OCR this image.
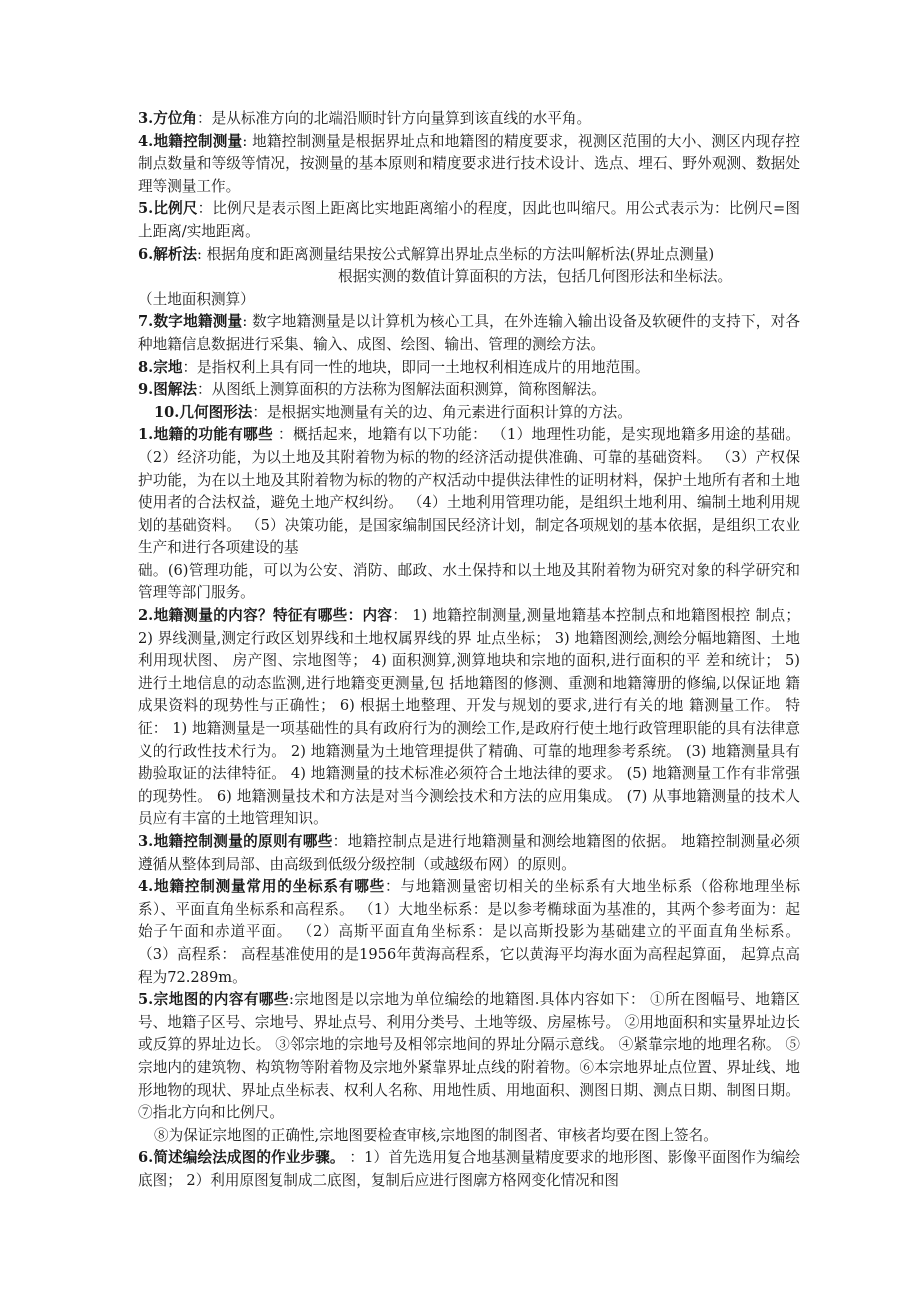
3.方位角：是从标准方向的北端沿顺时针方向量算到该直线的水平角。

4.地籍控制测量: 地籍控制测量是根据界址点和地籍图的精度要求，视测区范围的大小、测区内现存控制点数量和等级等情况，按测量的基本原则和精度要求进行技术设计、选点、埋石、野外观测、数据处理等测量工作。

5.比例尺：比例尺是表示图上距离比实地距离缩小的程度，因此也叫缩尺。用公式表示为：比例尺=图上距离/实地距离。

6.解析法: 根据角度和距离测量结果按公式解算出界址点坐标的方法叫解析法(界址点测量)

根据实测的数值计算面积的方法，包括几何图形法和坐标法。

（土地面积测算）

7.数字地籍测量: 数字地籍测量是以计算机为核心工具，在外连输入输出设备及软硬件的支持下，对各种地籍信息数据进行采集、输入、成图、绘图、输出、管理的测绘方法。

8.宗地：是指权利上具有同一性的地块，即同一土地权利相连成片的用地范围。

9.图解法：从图纸上测算面积的方法称为图解法面积测算，简称图解法。

10.几何图形法：是根据实地测量有关的边、角元素进行面积计算的方法。

1.地籍的功能有哪些 ：概括起来，地籍有以下功能： （1）地理性功能，是实现地籍多用途的基础。 （2）经济功能，为以土地及其附着物为标的物的经济活动提供准确、可靠的基础资料。 （3）产权保护功能，为在以土地及其附着物为标的物的产权活动中提供法律性的证明材料，保护土地所有者和土地使用者的合法权益，避免土地产权纠纷。 （4）土地利用管理功能，是组织土地利用、编制土地利用规划的基础资料。 （5）决策功能，是国家编制国民经济计划，制定各项规划的基本依据，是组织工农业生产和进行各项建设的基

础。(6)管理功能，可以为公安、消防、邮政、水土保持和以土地及其附着物为研究对象的科学研究和管理等部门服务。

2.地籍测量的内容？特征有哪些：内容： 1) 地籍控制测量,测量地籍基本控制点和地籍图根控 制点；2) 界线测量,测定行政区划界线和土地权属界线的界 址点坐标； 3) 地籍图测绘,测绘分幅地籍图、土地利用现状图、 房产图、宗地图等； 4) 面积测算,测算地块和宗地的面积,进行面积的平 差和统计； 5) 进行土地信息的动态监测,进行地籍变更测量,包 括地籍图的修测、重测和地籍簿册的修编,以保证地 籍成果资料的现势性与正确性； 6) 根据土地整理、开发与规划的要求,进行有关的地 籍测量工作。 特征： 1) 地籍测量是一项基础性的具有政府行为的测绘工作,是政府行使土地行政管理职能的具有法律意义的行政性技术行为。 2) 地籍测量为土地管理提供了精确、可靠的地理参考系统。 (3) 地籍测量具有勘验取证的法律特征。 4) 地籍测量的技术标准必须符合土地法律的要求。 (5) 地籍测量工作有非常强的现势性。 6) 地籍测量技术和方法是对当今测绘技术和方法的应用集成。 (7) 从事地籍测量的技术人员应有丰富的土地管理知识。

3.地籍控制测量的原则有哪些：地籍控制点是进行地籍测量和测绘地籍图的依据。 地籍控制测量必须遵循从整体到局部、由高级到低级分级控制（或越级布网）的原则。

4.地籍控制测量常用的坐标系有哪些：与地籍测量密切相关的坐标系有大地坐标系（俗称地理坐标系）、平面直角坐标系和高程系。 （1）大地坐标系：是以参考椭球面为基准的，其两个参考面为：起始子午面和赤道平面。 （2）高斯平面直角坐标系：是以高斯投影为基础建立的平面直角坐标系。 （3）高程系： 高程基准使用的是1956年黄海高程系，它以黄海平均海水面为高程起算面， 起算点高程为72.289m。

5.宗地图的内容有哪些:宗地图是以宗地为单位编绘的地籍图.具体内容如下： ①所在图幅号、地籍区号、地籍子区号、宗地号、界址点号、利用分类号、土地等级、房屋栋号。 ②用地面积和实量界址边长或反算的界址边长。 ③邻宗地的宗地号及相邻宗地间的界址分隔示意线。 ④紧靠宗地的地理名称。 ⑤宗地内的建筑物、构筑物等附着物及宗地外紧靠界址点线的附着物。⑥本宗地界址点位置、界址线、地形地物的现状、界址点坐标表、权利人名称、用地性质、用地面积、测图日期、测点日期、制图日期。 ⑦指北方向和比例尺。

⑧为保证宗地图的正确性,宗地图要检查审核,宗地图的制图者、审核者均要在图上签名。

6.简述编绘法成图的作业步骤。 ：1）首先选用复合地基测量精度要求的地形图、影像平面图作为编绘底图； 2）利用原图复制成二底图，复制后应进行图廓方格网变化情况和图
